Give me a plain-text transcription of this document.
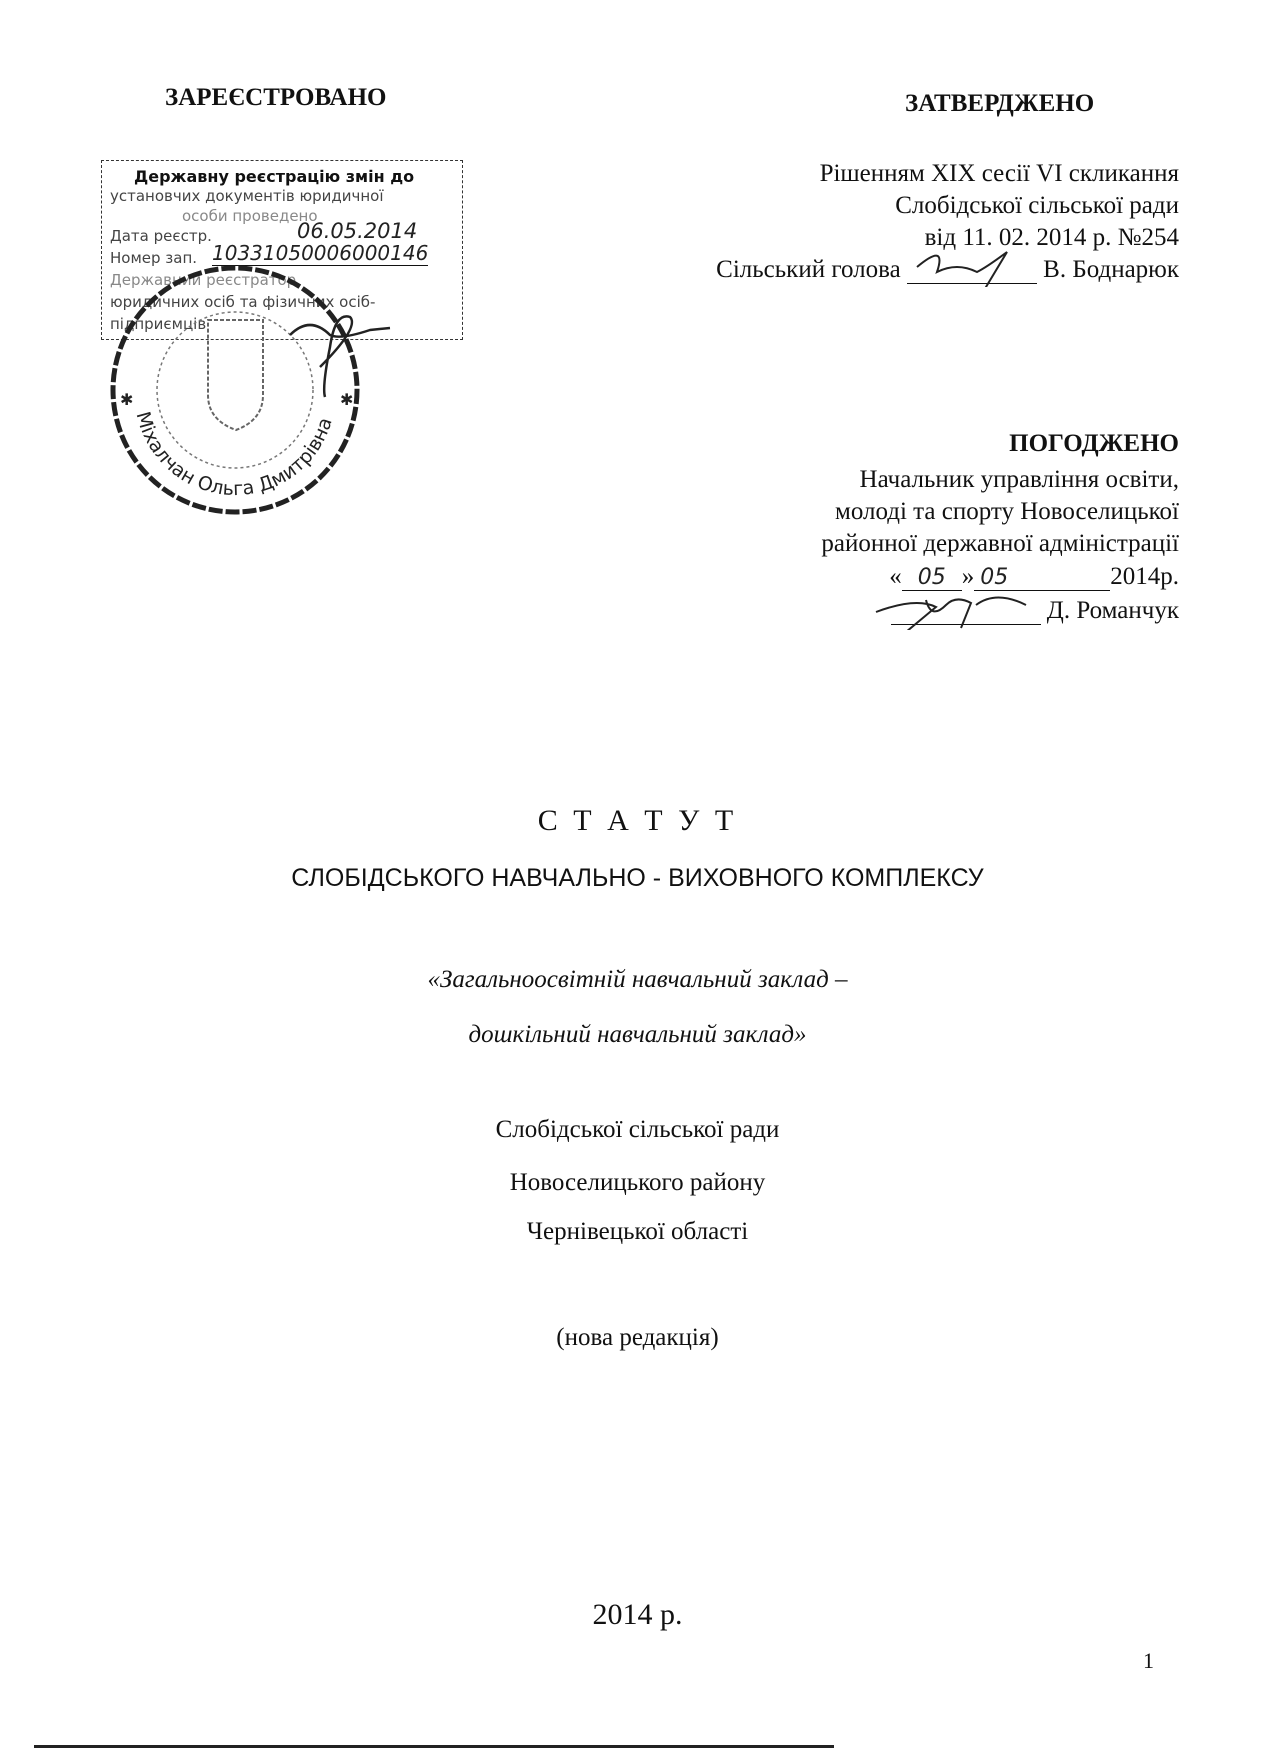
ЗАРЕЄСТРОВАНО
Державну реєстрацію змін до
установчих документів юридичної
особи проведено
Дата реєстр.	06.05.2014
Номер зап. 10331050006000146
Державний реєстратор
юридичних осіб та фізичних осіб-
підприємців
Міхалчан Ольга Дмитрівна
✱	✱
ЗАТВЕРДЖЕНО
Рішенням XIX сесії VI скликання
Слобідської сільської ради
від 11. 02. 2014 р. №254
Сільський голова	В. Боднарюк
ПОГОДЖЕНО
Начальник управління освіти,
молоді та спорту Новоселицької
районної державної адміністрації
« 05 » 05	2014р.
Д. Романчук
С Т А Т У Т
СЛОБІДСЬКОГО НАВЧАЛЬНО - ВИХОВНОГО КОМПЛЕКСУ
«Загальноосвітній навчальний заклад –
дошкільний навчальний заклад»
Слобідської сільської ради
Новоселицького району
Чернівецької області
(нова редакція)
2014 р.
1
